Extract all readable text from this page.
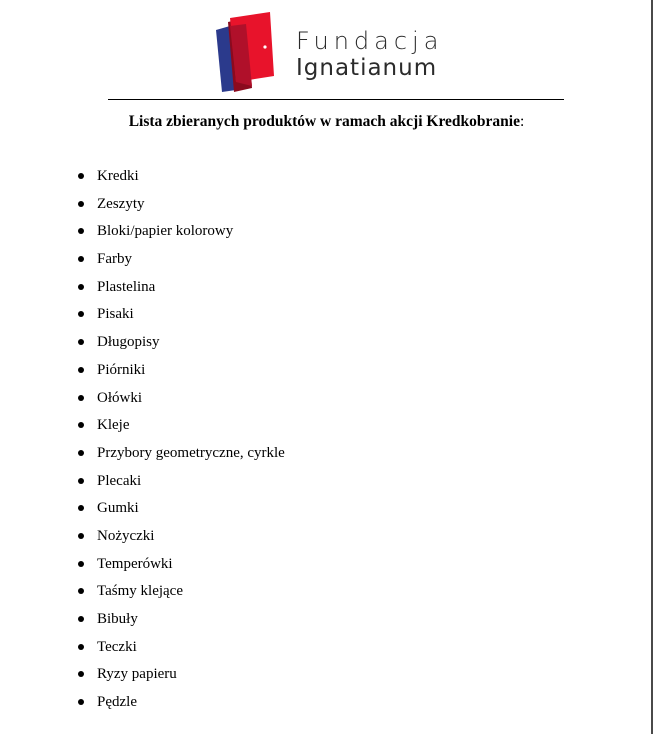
Fundacja
Ignatianum
Lista zbieranych produktów w ramach akcji Kredkobranie:
Kredki
Zeszyty
Bloki/papier kolorowy
Farby
Plastelina
Pisaki
Długopisy
Piórniki
Ołówki
Kleje
Przybory geometryczne, cyrkle
Plecaki
Gumki
Nożyczki
Temperówki
Taśmy klejące
Bibuły
Teczki
Ryzy papieru
Pędzle
